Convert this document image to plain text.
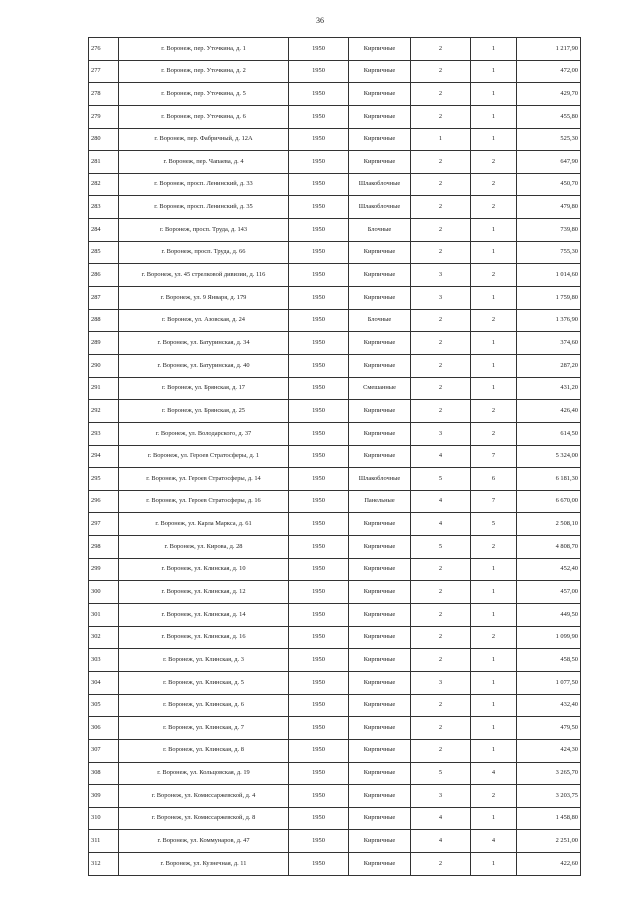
36
276	г. Воронеж, пер. Уточкина, д. 1	1950	Кирпичные	2	1	1 217,90
277	г. Воронеж, пер. Уточкина, д. 2	1950	Кирпичные	2	1	472,00
278	г. Воронеж, пер. Уточкина, д. 5	1950	Кирпичные	2	1	429,70
279	г. Воронеж, пер. Уточкина, д. 6	1950	Кирпичные	2	1	455,80
280	г. Воронеж, пер. Фабричный, д. 12А	1950	Кирпичные	1	1	525,30
281	г. Воронеж, пер. Чапаева, д. 4	1950	Кирпичные	2	2	647,90
282	г. Воронеж, просп. Ленинский, д. 33	1950	Шлакоблочные	2	2	450,70
283	г. Воронеж, просп. Ленинский, д. 35	1950	Шлакоблочные	2	2	479,80
284	г. Воронеж, просп. Труда, д. 143	1950	Блочные	2	1	739,80
285	г. Воронеж, просп. Труда, д. 66	1950	Кирпичные	2	1	755,30
286	г. Воронеж, ул. 45 стрелковой дивизии, д. 116	1950	Кирпичные	3	2	1 014,60
287	г. Воронеж, ул. 9 Января, д. 179	1950	Кирпичные	3	1	1 759,80
288	г. Воронеж, ул. Азовская, д. 24	1950	Блочные	2	2	1 376,90
289	г. Воронеж, ул. Батуринская, д. 34	1950	Кирпичные	2	1	374,60
290	г. Воронеж, ул. Батуринская, д. 40	1950	Кирпичные	2	1	287,20
291	г. Воронеж, ул. Брянская, д. 17	1950	Смешанные	2	1	431,20
292	г. Воронеж, ул. Брянская, д. 25	1950	Кирпичные	2	2	426,40
293	г. Воронеж, ул. Володарского, д. 37	1950	Кирпичные	3	2	614,50
294	г. Воронеж, ул. Героев Стратосферы, д. 1	1950	Кирпичные	4	7	5 324,00
295	г. Воронеж, ул. Героев Стратосферы, д. 14	1950	Шлакоблочные	5	6	6 181,30
296	г. Воронеж, ул. Героев Стратосферы, д. 16	1950	Панельные	4	7	6 670,00
297	г. Воронеж, ул. Карла Маркса, д. 61	1950	Кирпичные	4	5	2 508,10
298	г. Воронеж, ул. Кирова, д. 28	1950	Кирпичные	5	2	4 808,70
299	г. Воронеж, ул. Клинская, д. 10	1950	Кирпичные	2	1	452,40
300	г. Воронеж, ул. Клинская, д. 12	1950	Кирпичные	2	1	457,00
301	г. Воронеж, ул. Клинская, д. 14	1950	Кирпичные	2	1	449,50
302	г. Воронеж, ул. Клинская, д. 16	1950	Кирпичные	2	2	1 099,90
303	г. Воронеж, ул. Клинская, д. 3	1950	Кирпичные	2	1	458,50
304	г. Воронеж, ул. Клинская, д. 5	1950	Кирпичные	3	1	1 077,50
305	г. Воронеж, ул. Клинская, д. 6	1950	Кирпичные	2	1	432,40
306	г. Воронеж, ул. Клинская, д. 7	1950	Кирпичные	2	1	479,50
307	г. Воронеж, ул. Клинская, д. 8	1950	Кирпичные	2	1	424,30
308	г. Воронеж, ул. Кольцовская, д. 19	1950	Кирпичные	5	4	3 265,70
309	г. Воронеж, ул. Комиссаржевской, д. 4	1950	Кирпичные	3	2	3 203,75
310	г. Воронеж, ул. Комиссаржевской, д. 8	1950	Кирпичные	4	1	1 458,80
311	г. Воронеж, ул. Коммунаров, д. 47	1950	Кирпичные	4	4	2 251,00
312	г. Воронеж, ул. Кузнечная, д. 11	1950	Кирпичные	2	1	422,60
